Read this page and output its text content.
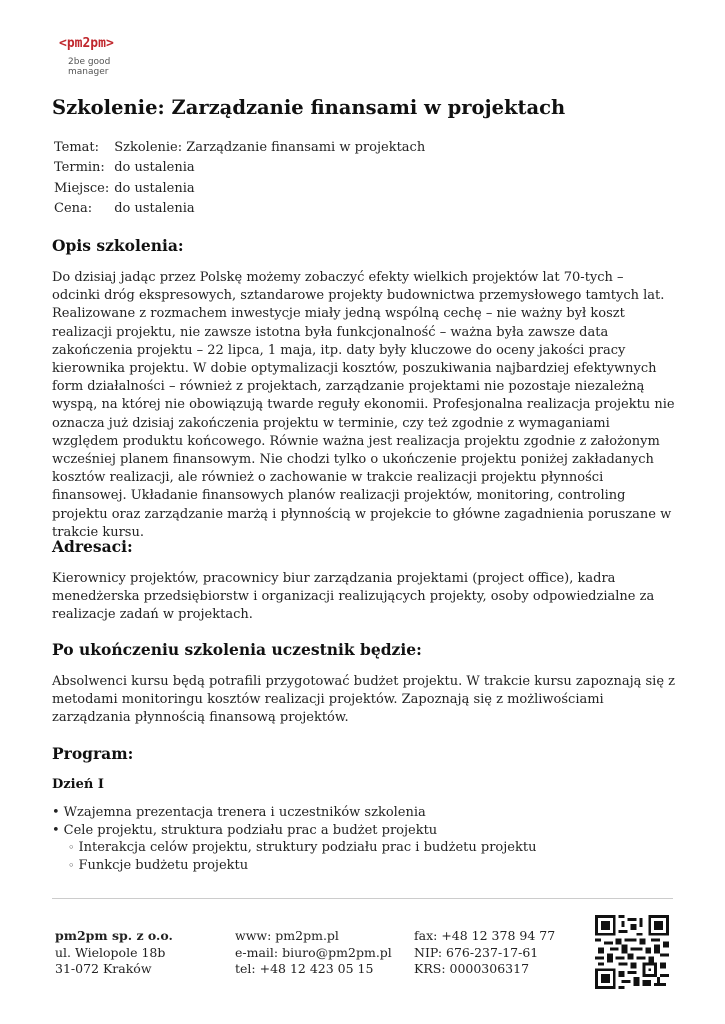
<pm2pm>
2be good
manager
Szkolenie: Zarządzanie finansami w projektach
Temat:	Szkolenie: Zarządzanie finansami w projektach
Termin:	do ustalenia
Miejsce:	do ustalenia
Cena:	do ustalenia
Opis szkolenia:

Do dzisiaj jadąc przez Polskę możemy zobaczyć efekty wielkich projektów lat 70-tych – odcinki dróg ekspresowych, sztandarowe projekty budownictwa przemysłowego tamtych lat. Realizowane z rozmachem inwestycje miały jedną wspólną cechę – nie ważny był koszt realizacji projektu, nie zawsze istotna była funkcjonalność – ważna była zawsze data zakończenia projektu – 22 lipca, 1 maja, itp. daty były kluczowe do oceny jakości pracy kierownika projektu. W dobie optymalizacji kosztów, poszukiwania najbardziej efektywnych form działalności – również z projektach, zarządzanie projektami nie pozostaje niezależną wyspą, na której nie obowiązują twarde reguły ekonomii. Profesjonalna realizacja projektu nie oznacza już dzisiaj zakończenia projektu w terminie, czy też zgodnie z wymaganiami względem produktu końcowego. Równie ważna jest realizacja projektu zgodnie z założonym wcześniej planem finansowym. Nie chodzi tylko o ukończenie projektu poniżej zakładanych kosztów realizacji, ale również o zachowanie w trakcie realizacji projektu płynności finansowej. Układanie finansowych planów realizacji projektów, monitoring, controling projektu oraz zarządzanie marżą i płynnością w projekcie to główne zagadnienia poruszane w trakcie kursu.

Adresaci:

Kierownicy projektów, pracownicy biur zarządzania projektami (project office), kadra menedżerska przedsiębiorstw i organizacji realizujących projekty, osoby odpowiedzialne za realizacje zadań w projektach.

Po ukończeniu szkolenia uczestnik będzie:

Absolwenci kursu będą potrafili przygotować budżet projektu. W trakcie kursu zapoznają się z metodami monitoringu kosztów realizacji projektów. Zapoznają się z możliwościami zarządzania płynnością finansową projektów.

Program:
Dzień I
• Wzajemna prezentacja trenera i uczestników szkolenia
• Cele projektu, struktura podziału prac a budżet projektu
◦ Interakcja celów projektu, struktury podziału prac i budżetu projektu
◦ Funkcje budżetu projektu
pm2pm sp. z o.o.
ul. Wielopole 18b
31-072 Kraków
www: pm2pm.pl
e-mail: biuro@pm2pm.pl
tel: +48 12 423 05 15
fax: +48 12 378 94 77
NIP: 676-237-17-61
KRS: 0000306317
